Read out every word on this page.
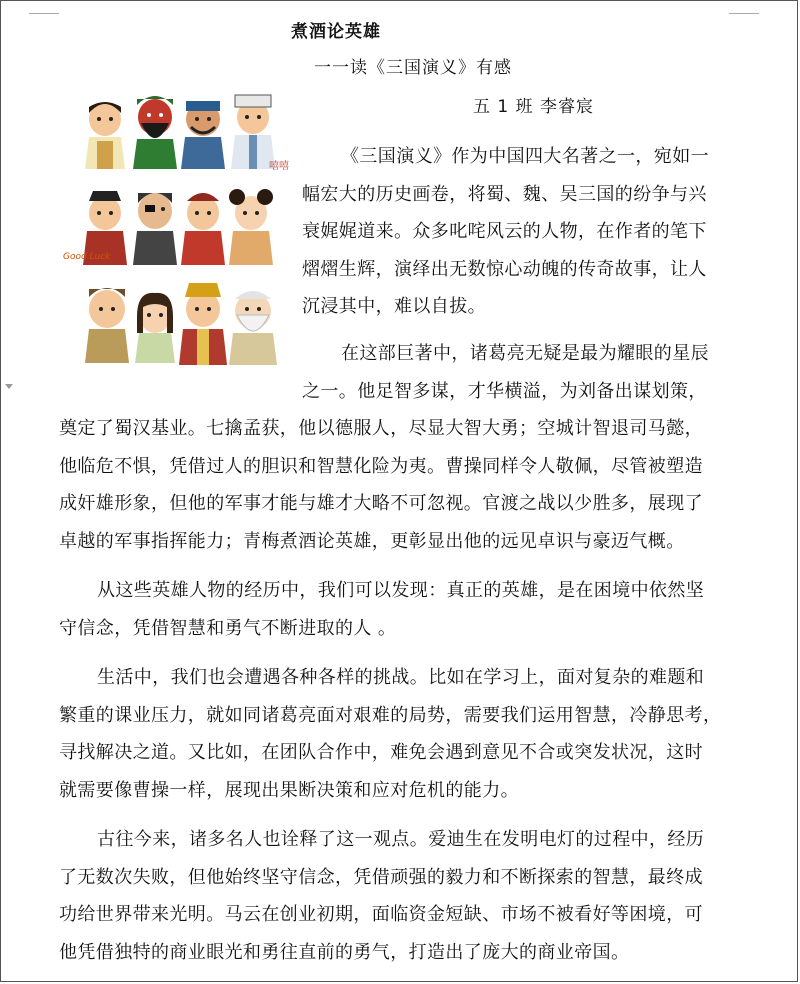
煮酒论英雄
一一读《三国演义》有感
五 1 班 李睿宸
嘻嘻
Good Luck
《三国演义》作为中国四大名著之一，宛如一
幅宏大的历史画卷，将蜀、魏、吴三国的纷争与兴
衰娓娓道来。众多叱咤风云的人物，在作者的笔下
熠熠生辉，演绎出无数惊心动魄的传奇故事，让人
沉浸其中，难以自拔。
在这部巨著中，诸葛亮无疑是最为耀眼的星辰
之一。他足智多谋，才华横溢，为刘备出谋划策，
奠定了蜀汉基业。七擒孟获，他以德服人，尽显大智大勇；空城计智退司马懿，
他临危不惧，凭借过人的胆识和智慧化险为夷。曹操同样令人敬佩，尽管被塑造
成奸雄形象，但他的军事才能与雄才大略不可忽视。官渡之战以少胜多，展现了
卓越的军事指挥能力；青梅煮酒论英雄，更彰显出他的远见卓识与豪迈气概。
从这些英雄人物的经历中，我们可以发现：真正的英雄，是在困境中依然坚
守信念，凭借智慧和勇气不断进取的人 。
生活中，我们也会遭遇各种各样的挑战。比如在学习上，面对复杂的难题和
繁重的课业压力，就如同诸葛亮面对艰难的局势，需要我们运用智慧，冷静思考，
寻找解决之道。又比如，在团队合作中，难免会遇到意见不合或突发状况，这时
就需要像曹操一样，展现出果断决策和应对危机的能力。
古往今来，诸多名人也诠释了这一观点。爱迪生在发明电灯的过程中，经历
了无数次失败，但他始终坚守信念，凭借顽强的毅力和不断探索的智慧，最终成
功给世界带来光明。马云在创业初期，面临资金短缺、市场不被看好等困境，可
他凭借独特的商业眼光和勇往直前的勇气，打造出了庞大的商业帝国。
